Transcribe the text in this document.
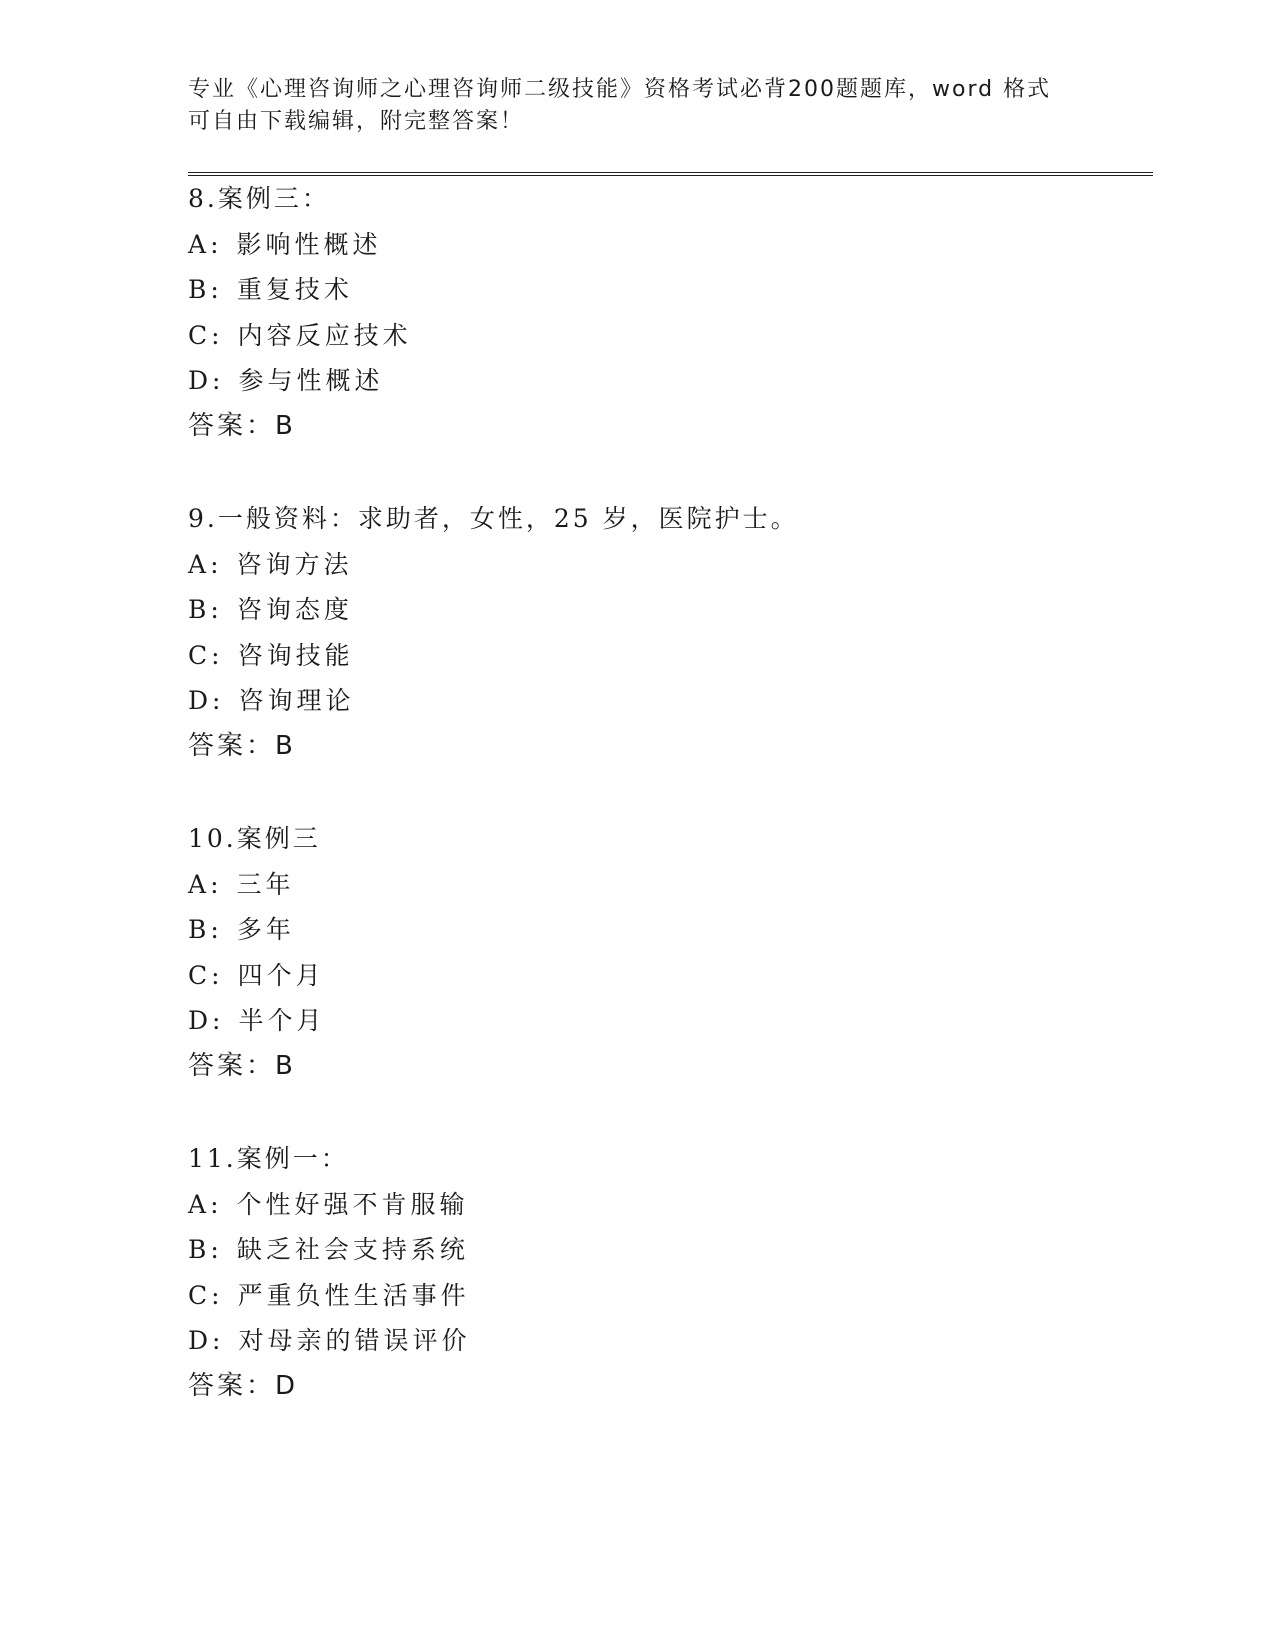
专业《心理咨询师之心理咨询师二级技能》资格考试必背200题题库，word 格式
可自由下载编辑，附完整答案！
8.案例三：
A: 影响性概述
B: 重复技术
C: 内容反应技术
D: 参与性概述
答案：B
9.一般资料：求助者，女性，25 岁，医院护士。
A: 咨询方法
B: 咨询态度
C: 咨询技能
D: 咨询理论
答案：B
10.案例三
A: 三年
B: 多年
C: 四个月
D: 半个月
答案：B
11.案例一：
A: 个性好强不肯服输
B: 缺乏社会支持系统
C: 严重负性生活事件
D: 对母亲的错误评价
答案：D
